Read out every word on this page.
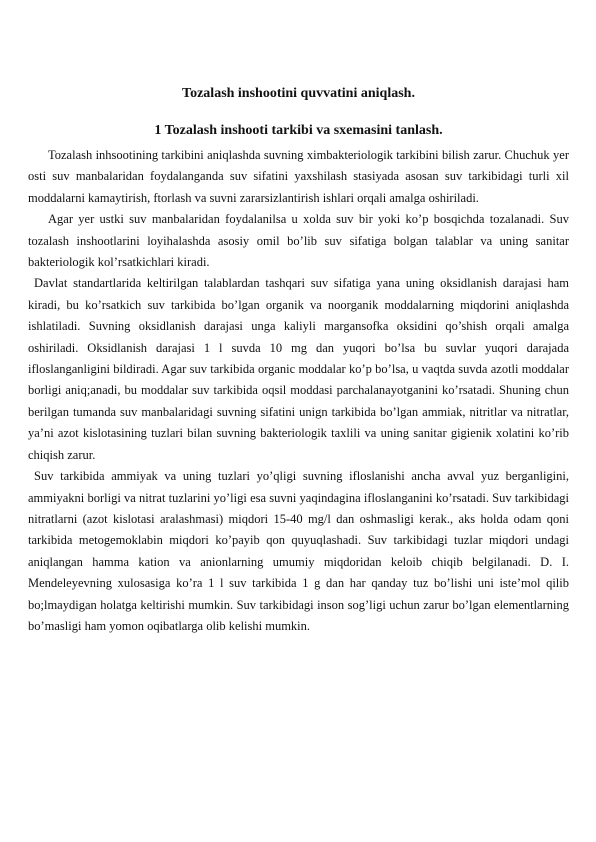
Tozalash inshootini quvvatini aniqlash.
1 Tozalash inshooti tarkibi va sxemasini tanlash.

Tozalash inhsootining tarkibini aniqlashda suvning ximbakteriologik tarkibini bilish zarur. Chuchuk yer osti suv manbalaridan foydalanganda suv sifatini yaxshilash stasiyada asosan suv tarkibidagi turli xil moddalarni kamaytirish, ftorlash va suvni zararsizlantirish ishlari orqali amalga oshiriladi.

Agar yer ustki suv manbalaridan foydalanilsa u xolda suv bir yoki ko’p bosqichda tozalanadi. Suv tozalash inshootlarini loyihalashda asosiy omil bo’lib suv sifatiga bolgan talablar va uning sanitar bakteriologik kol’rsatkichlari kiradi.

Davlat standartlarida keltirilgan talablardan tashqari suv sifatiga yana uning oksidlanish darajasi ham kiradi, bu ko’rsatkich suv tarkibida bo’lgan organik va noorganik moddalarning miqdorini aniqlashda ishlatiladi. Suvning oksidlanish darajasi unga kaliyli margansofka oksidini qo’shish orqali amalga oshiriladi. Oksidlanish darajasi 1 l suvda 10 mg dan yuqori bo’lsa bu suvlar yuqori darajada ifloslanganligini bildiradi. Agar suv tarkibida organic moddalar ko’p bo’lsa, u vaqtda suvda azotli moddalar borligi aniq;anadi, bu moddalar suv tarkibida oqsil moddasi parchalanayotganini ko’rsatadi. Shuning chun berilgan tumanda suv manbalaridagi suvning sifatini unign tarkibida bo’lgan ammiak, nitritlar va nitratlar, ya’ni azot kislotasining tuzlari bilan suvning bakteriologik taxlili va uning sanitar gigienik xolatini ko’rib chiqish zarur.

Suv tarkibida ammiyak va uning tuzlari yo’qligi suvning ifloslanishi ancha avval yuz berganligini, ammiyakni borligi va nitrat tuzlarini yo’ligi esa suvni yaqindagina ifloslanganini ko’rsatadi. Suv tarkibidagi nitratlarni (azot kislotasi aralashmasi) miqdori 15-40 mg/l dan oshmasligi kerak., aks holda odam qoni tarkibida metogemoklabin miqdori ko’payib qon quyuqlashadi. Suv tarkibidagi tuzlar miqdori undagi aniqlangan hamma kation va anionlarning umumiy miqdoridan keloib chiqib belgilanadi. D. I. Mendeleyevning xulosasiga ko’ra 1 l suv tarkibida 1 g dan har qanday tuz bo’lishi uni iste’mol qilib bo;lmaydigan holatga keltirishi mumkin. Suv tarkibidagi inson sog’ligi uchun zarur bo’lgan elementlarning bo’masligi ham yomon oqibatlarga olib kelishi mumkin.
